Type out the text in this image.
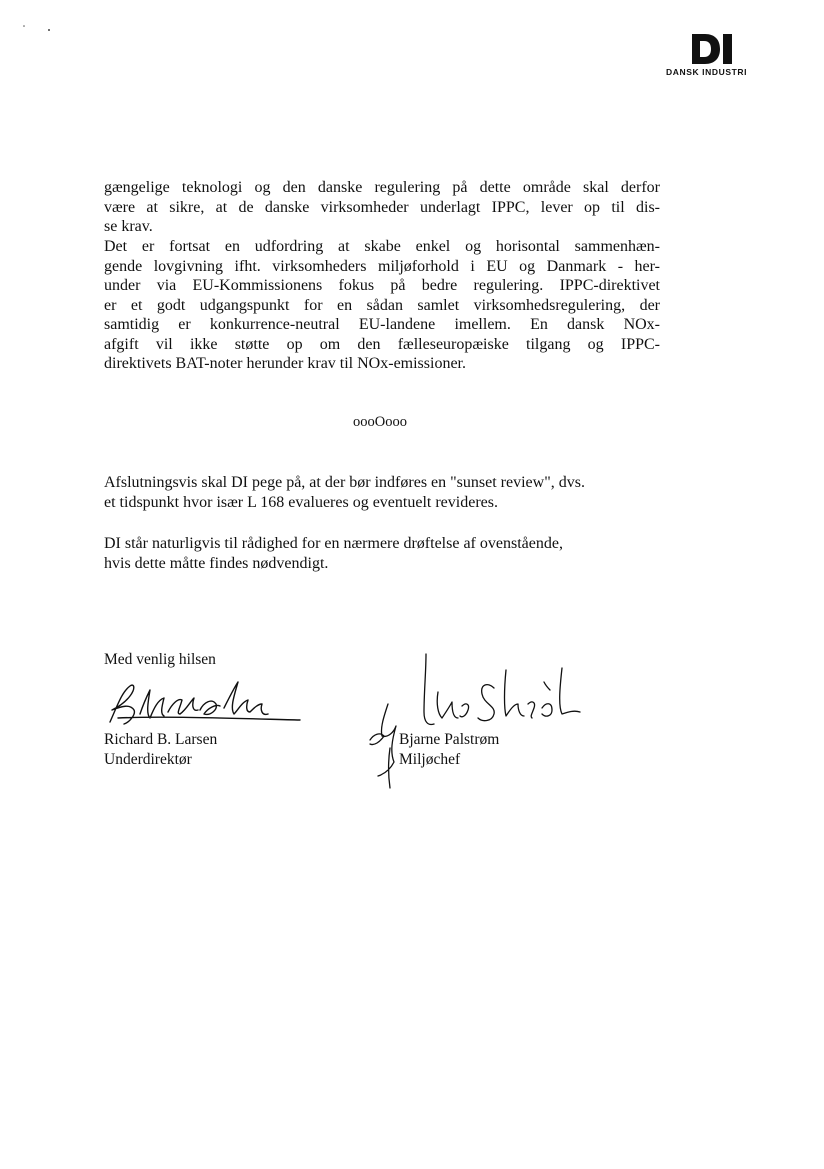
DANSK INDUSTRI
gængelige teknologi og den danske regulering på dette område skal derfor
være at sikre, at de danske virksomheder underlagt IPPC, lever op til dis-
se krav.
Det er fortsat en udfordring at skabe enkel og horisontal sammenhæn-
gende lovgivning ifht. virksomheders miljøforhold i EU og Danmark - her-
under via EU-Kommissionens fokus på bedre regulering. IPPC-direktivet
er et godt udgangspunkt for en sådan samlet virksomhedsregulering, der
samtidig er konkurrence-neutral EU-landene imellem. En dansk NOx-
afgift vil ikke støtte op om den fælleseuropæiske tilgang og IPPC-
direktivets BAT-noter herunder krav til NOx-emissioner.
oooOooo
Afslutningsvis skal DI pege på, at der bør indføres en "sunset review", dvs.
et tidspunkt hvor især L 168 evalueres og eventuelt revideres.
DI står naturligvis til rådighed for en nærmere drøftelse af ovenstående,
hvis dette måtte findes nødvendigt.
Med venlig hilsen
Richard B. Larsen
Underdirektør
Bjarne Palstrøm
Miljøchef
